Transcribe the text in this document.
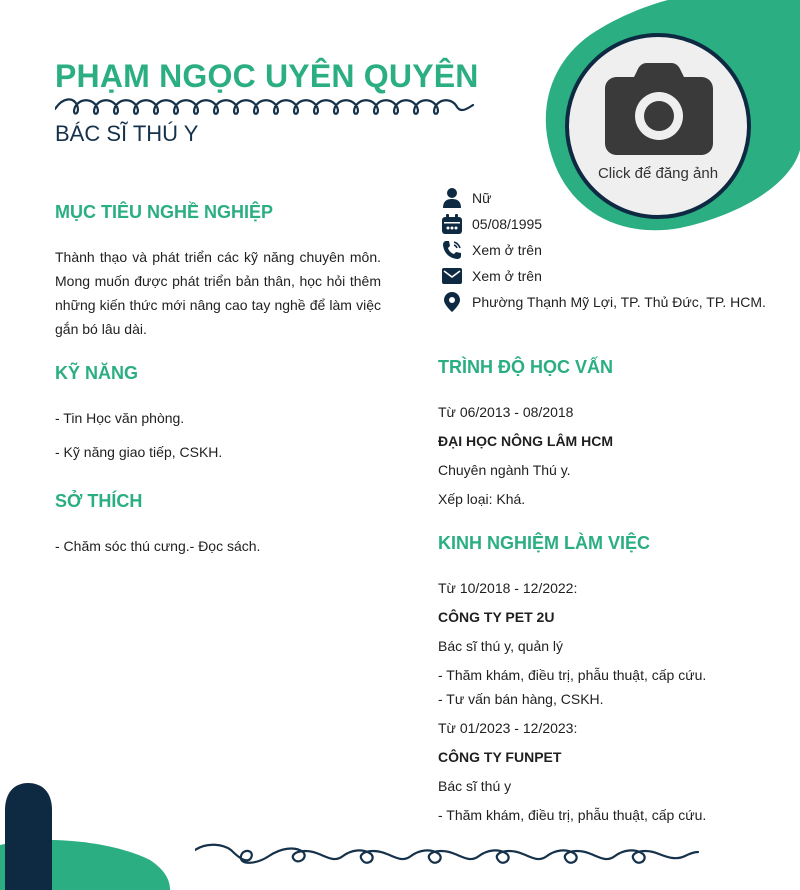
PHẠM NGỌC UYÊN QUYÊN
BÁC SĨ THÚ Y
Click để đăng ảnh
Nữ
05/08/1995
Xem ở trên
Xem ở trên
Phường Thạnh Mỹ Lợi, TP. Thủ Đức, TP. HCM.
MỤC TIÊU NGHỀ NGHIỆP
Thành thạo và phát triển các kỹ năng chuyên môn. Mong muốn được phát triển bản thân, học hỏi thêm những kiến thức mới nâng cao tay nghề để làm việc gắn bó lâu dài.
KỸ NĂNG
- Tin Học văn phòng.
- Kỹ năng giao tiếp, CSKH.
SỞ THÍCH
- Chăm sóc thú cưng.- Đọc sách.
TRÌNH ĐỘ HỌC VẤN
Từ 06/2013 - 08/2018
ĐẠI HỌC NÔNG LÂM HCM
Chuyên ngành Thú y.
Xếp loại: Khá.
KINH NGHIỆM LÀM VIỆC
Từ 10/2018 - 12/2022:
CÔNG TY PET 2U
Bác sĩ thú y, quản lý
- Thăm khám, điều trị, phẫu thuật, cấp cứu.
- Tư vấn bán hàng, CSKH.
Từ 01/2023 - 12/2023:
CÔNG TY FUNPET
Bác sĩ thú y
- Thăm khám, điều trị, phẫu thuật, cấp cứu.
